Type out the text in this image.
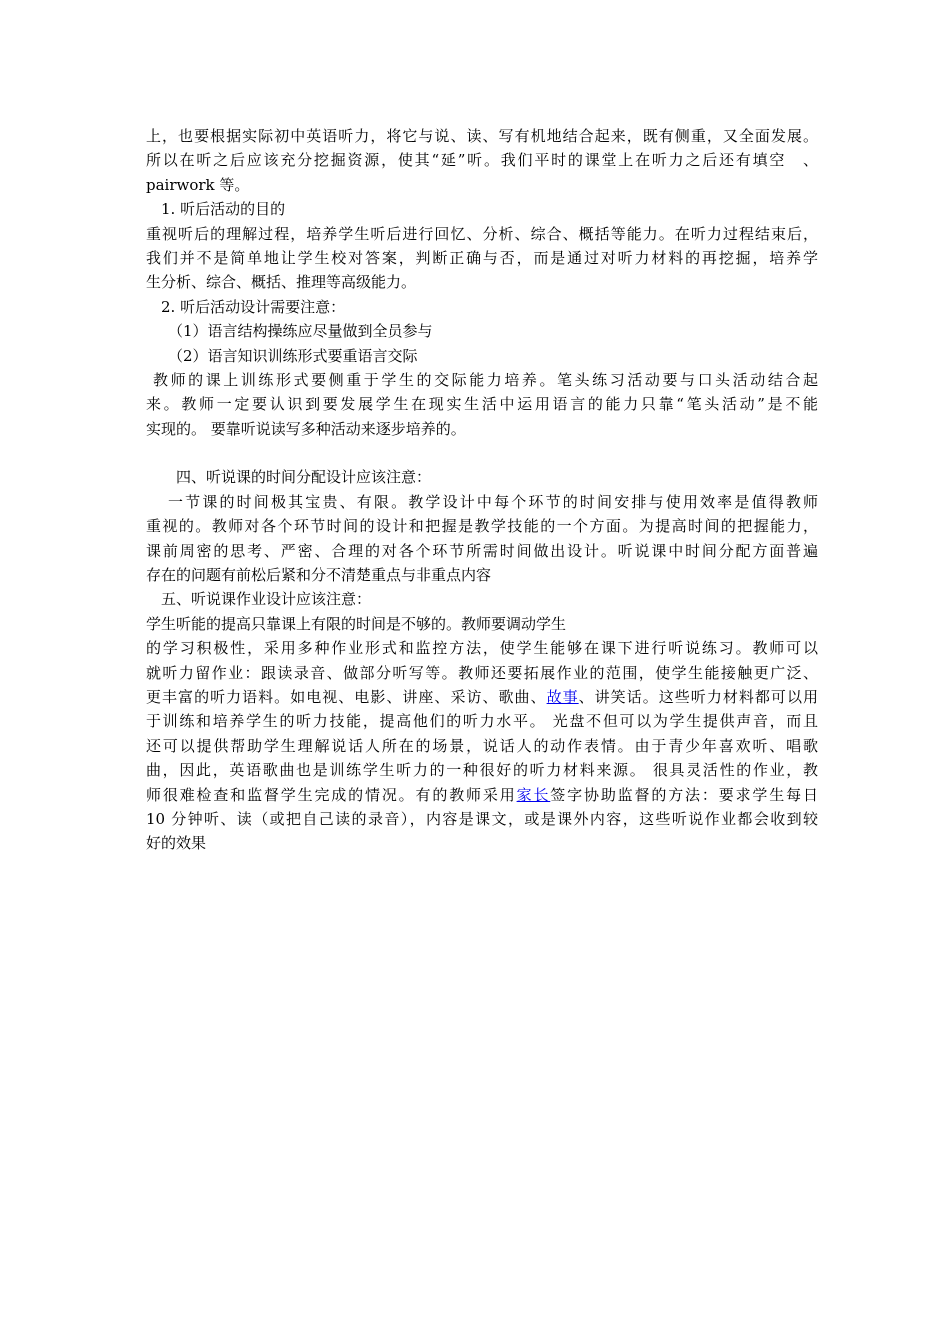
上，也要根据实际初中英语听力，将它与说、读、写有机地结合起来，既有侧重，又全面发展。
所以在听之后应该充分挖掘资源，使其“延”听。我们平时的课堂上在听力之后还有填空　、
pairwork 等。
1. 听后活动的目的
重视听后的理解过程，培养学生听后进行回忆、分析、综合、概括等能力。在听力过程结束后，
我们并不是简单地让学生校对答案，判断正确与否，而是通过对听力材料的再挖掘，培养学
生分析、综合、概括、推理等高级能力。
2. 听后活动设计需要注意：
（1）语言结构操练应尽量做到全员参与
（2）语言知识训练形式要重语言交际
教师的课上训练形式要侧重于学生的交际能力培养。笔头练习活动要与口头活动结合起
来。教师一定要认识到要发展学生在现实生活中运用语言的能力只靠“笔头活动”是不能
实现的。 要靠听说读写多种活动来逐步培养的。
四、听说课的时间分配设计应该注意：
一节课的时间极其宝贵、有限。教学设计中每个环节的时间安排与使用效率是值得教师
重视的。教师对各个环节时间的设计和把握是教学技能的一个方面。为提高时间的把握能力，
课前周密的思考、严密、合理的对各个环节所需时间做出设计。听说课中时间分配方面普遍
存在的问题有前松后紧和分不清楚重点与非重点内容
五、听说课作业设计应该注意：
学生听能的提高只靠课上有限的时间是不够的。教师要调动学生
的学习积极性，采用多种作业形式和监控方法，使学生能够在课下进行听说练习。教师可以
就听力留作业：跟读录音、做部分听写等。教师还要拓展作业的范围，使学生能接触更广泛、
更丰富的听力语料。如电视、电影、讲座、采访、歌曲、故事、讲笑话。这些听力材料都可以用
于训练和培养学生的听力技能，提高他们的听力水平。 光盘不但可以为学生提供声音，而且
还可以提供帮助学生理解说话人所在的场景，说话人的动作表情。由于青少年喜欢听、唱歌
曲，因此，英语歌曲也是训练学生听力的一种很好的听力材料来源。 很具灵活性的作业，教
师很难检查和监督学生完成的情况。有的教师采用家长签字协助监督的方法：要求学生每日
10 分钟听、读（或把自己读的录音），内容是课文，或是课外内容，这些听说作业都会收到较
好的效果
